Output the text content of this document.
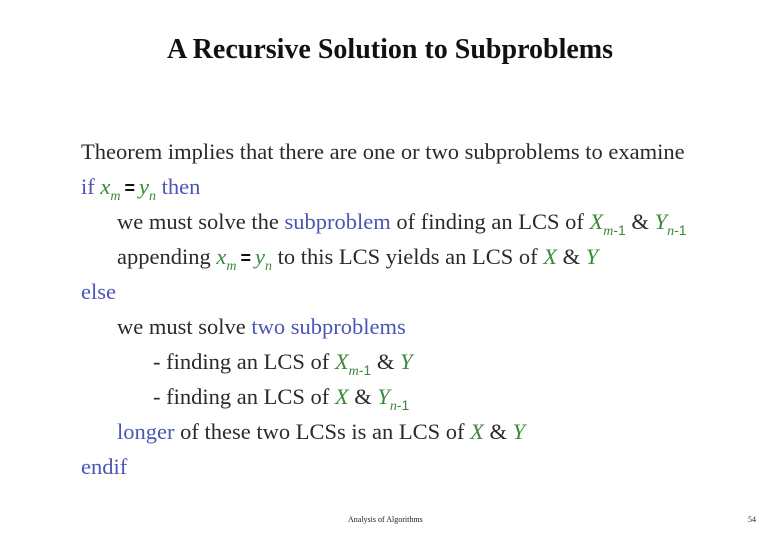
A Recursive Solution to Subproblems
Theorem implies that there are one or two subproblems to examine
if $x_m = y_n$ then
we must solve the subproblem of finding an LCS of $X_{m-1}$ & $Y_{n-1}$
appending $x_m = y_n$ to this LCS yields an LCS of X & Y
else
we must solve two subproblems
- finding an LCS of $X_{m-1}$ & Y
- finding an LCS of X & $Y_{n-1}$
longer of these two LCSs is an LCS of X & Y
endif
Analysis of Algorithms	54
